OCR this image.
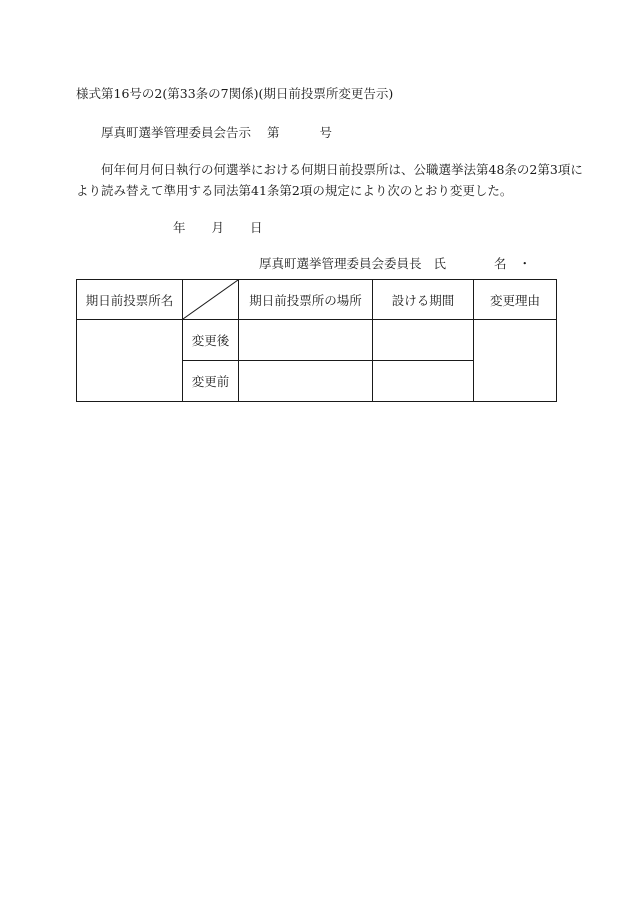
様式第16号の2(第33条の7関係)(期日前投票所変更告示)
厚真町選挙管理委員会告示 第	号
何年何月何日執行の何選挙における何期日前投票所は、公職選挙法第48条の2第3項に
より読み替えて準用する同法第41条第2項の規定により次のとおり変更した。
年 月 日
厚真町選挙管理委員会委員長 氏	名 ・
期日前投票所名		期日前投票所の場所	設ける期間	変更理由
	変更後			
	変更前			
